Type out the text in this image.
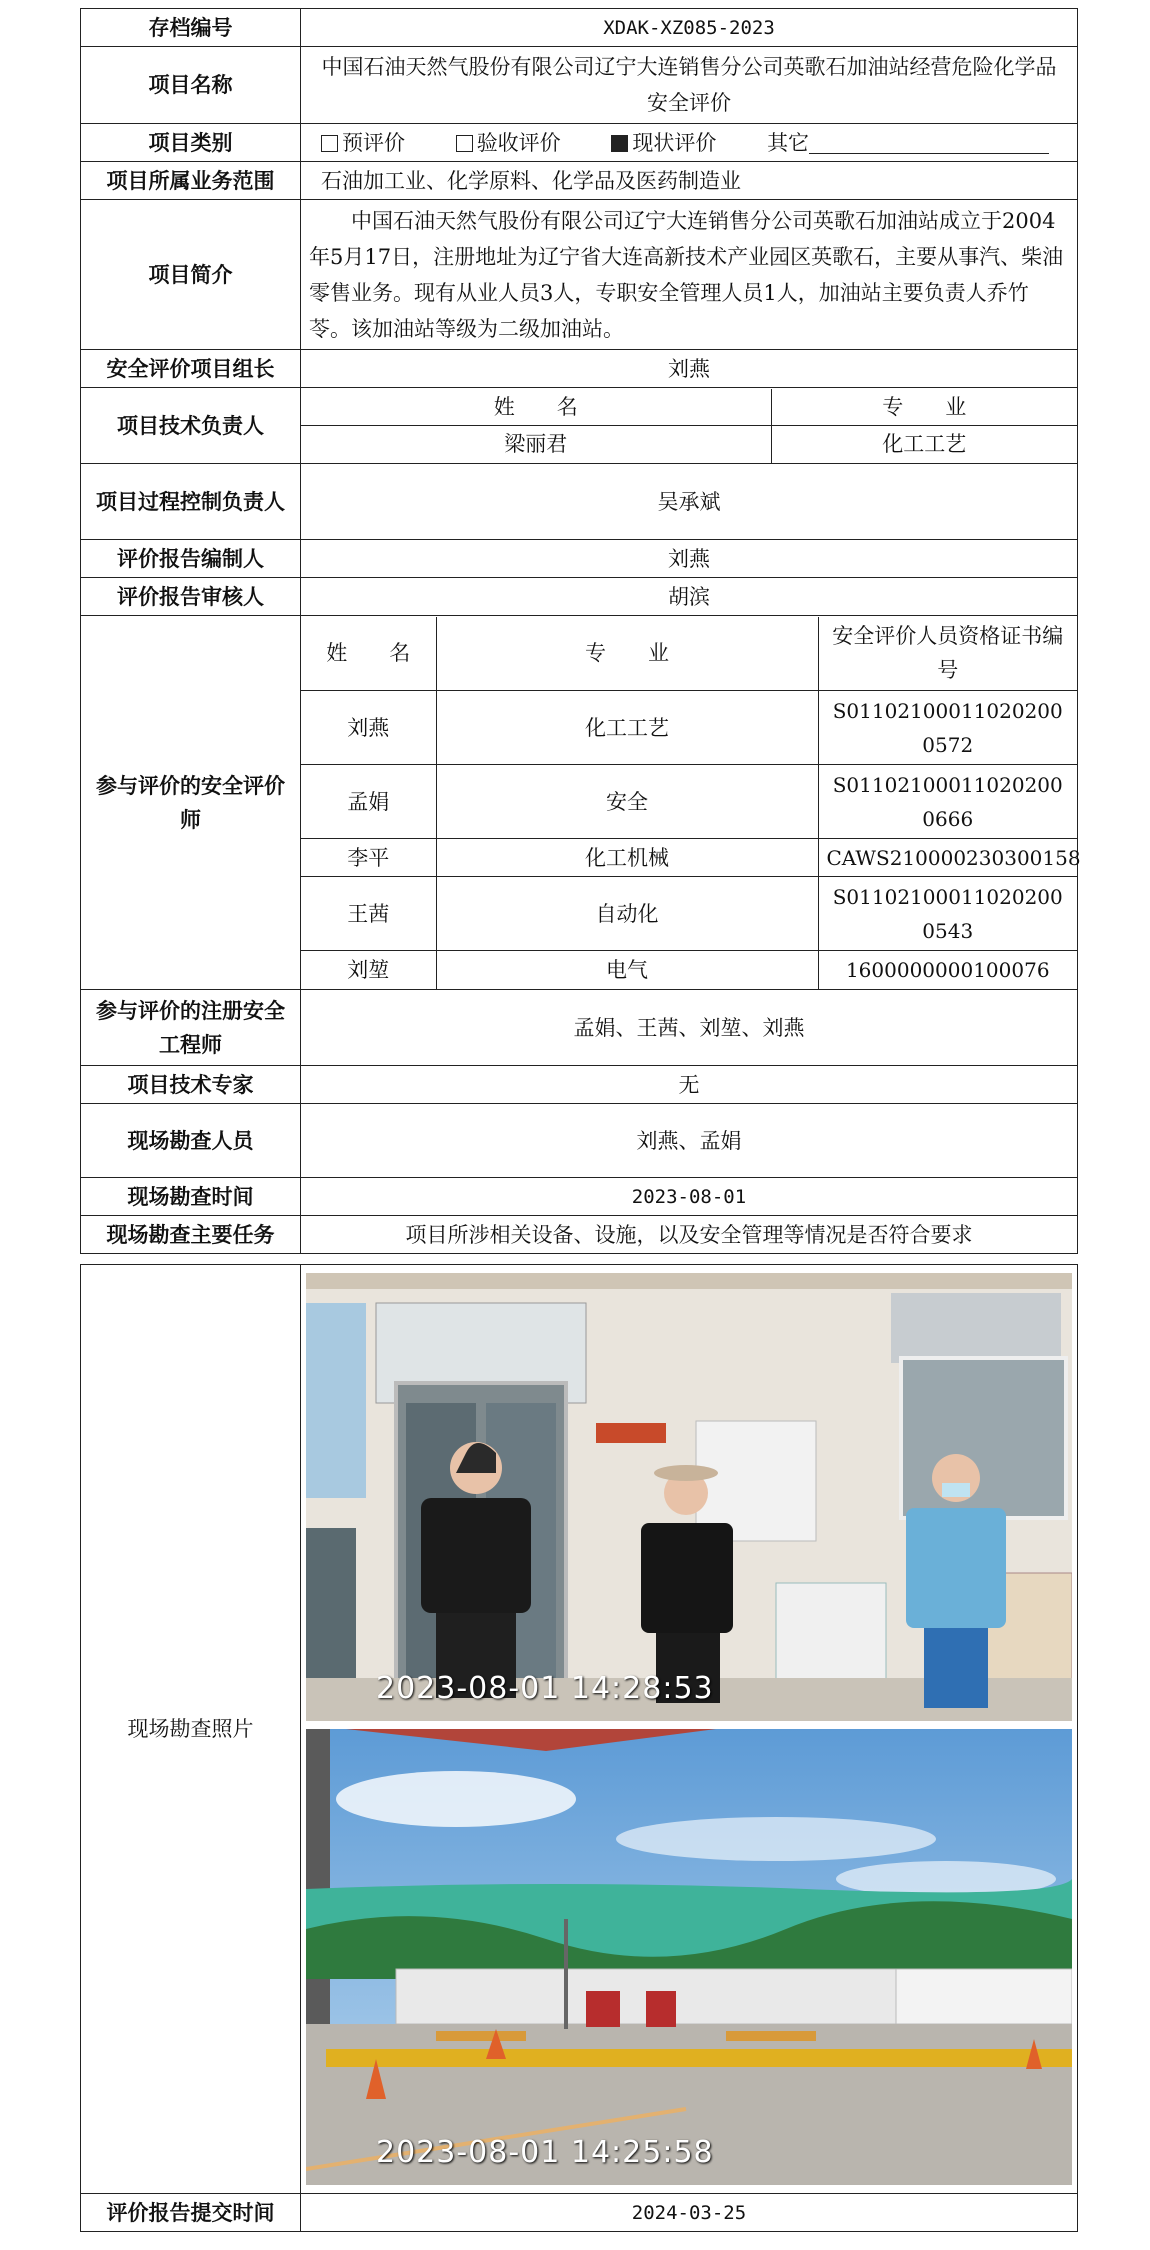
存档编号	XDAK-XZ085-2023
项目名称	中国石油天然气股份有限公司辽宁大连销售分公司英歌石加油站经营危险化学品安全评价
项目类别	预评价	验收评价	现状评价 其它
项目所属业务范围	石油加工业、化学原料、化学品及医药制造业
项目简介	中国石油天然气股份有限公司辽宁大连销售分公司英歌石加油站成立于2004年5月17日，注册地址为辽宁省大连高新技术产业园区英歌石，主要从事汽、柴油零售业务。现有从业人员3人，专职安全管理人员1人，加油站主要负责人乔竹苓。该加油站等级为二级加油站。
安全评价项目组长	刘燕
项目技术负责人	
姓　　名	专　　业
梁丽君	化工工艺

项目过程控制负责人	吴承斌
评价报告编制人	刘燕
评价报告审核人	胡滨
参与评价的安全评价师	
姓　　名	专　　业	安全评价人员资格证书编号
刘燕	化工工艺	S011021000110202000572
孟娟	安全	S011021000110202000666
李平	化工机械	CAWS210000230300158
王茜	自动化	S011021000110202000543
刘堃	电气	1600000000100076

参与评价的注册安全工程师	孟娟、王茜、刘堃、刘燕
项目技术专家	无
现场勘查人员	刘燕、孟娟
现场勘查时间	2023-08-01
现场勘查主要任务	项目所涉相关设备、设施，以及安全管理等情况是否符合要求

现场勘查照片	
2023-08-01 14:28:53
2023-08-01 14:25:58

评价报告提交时间	2024-03-25
